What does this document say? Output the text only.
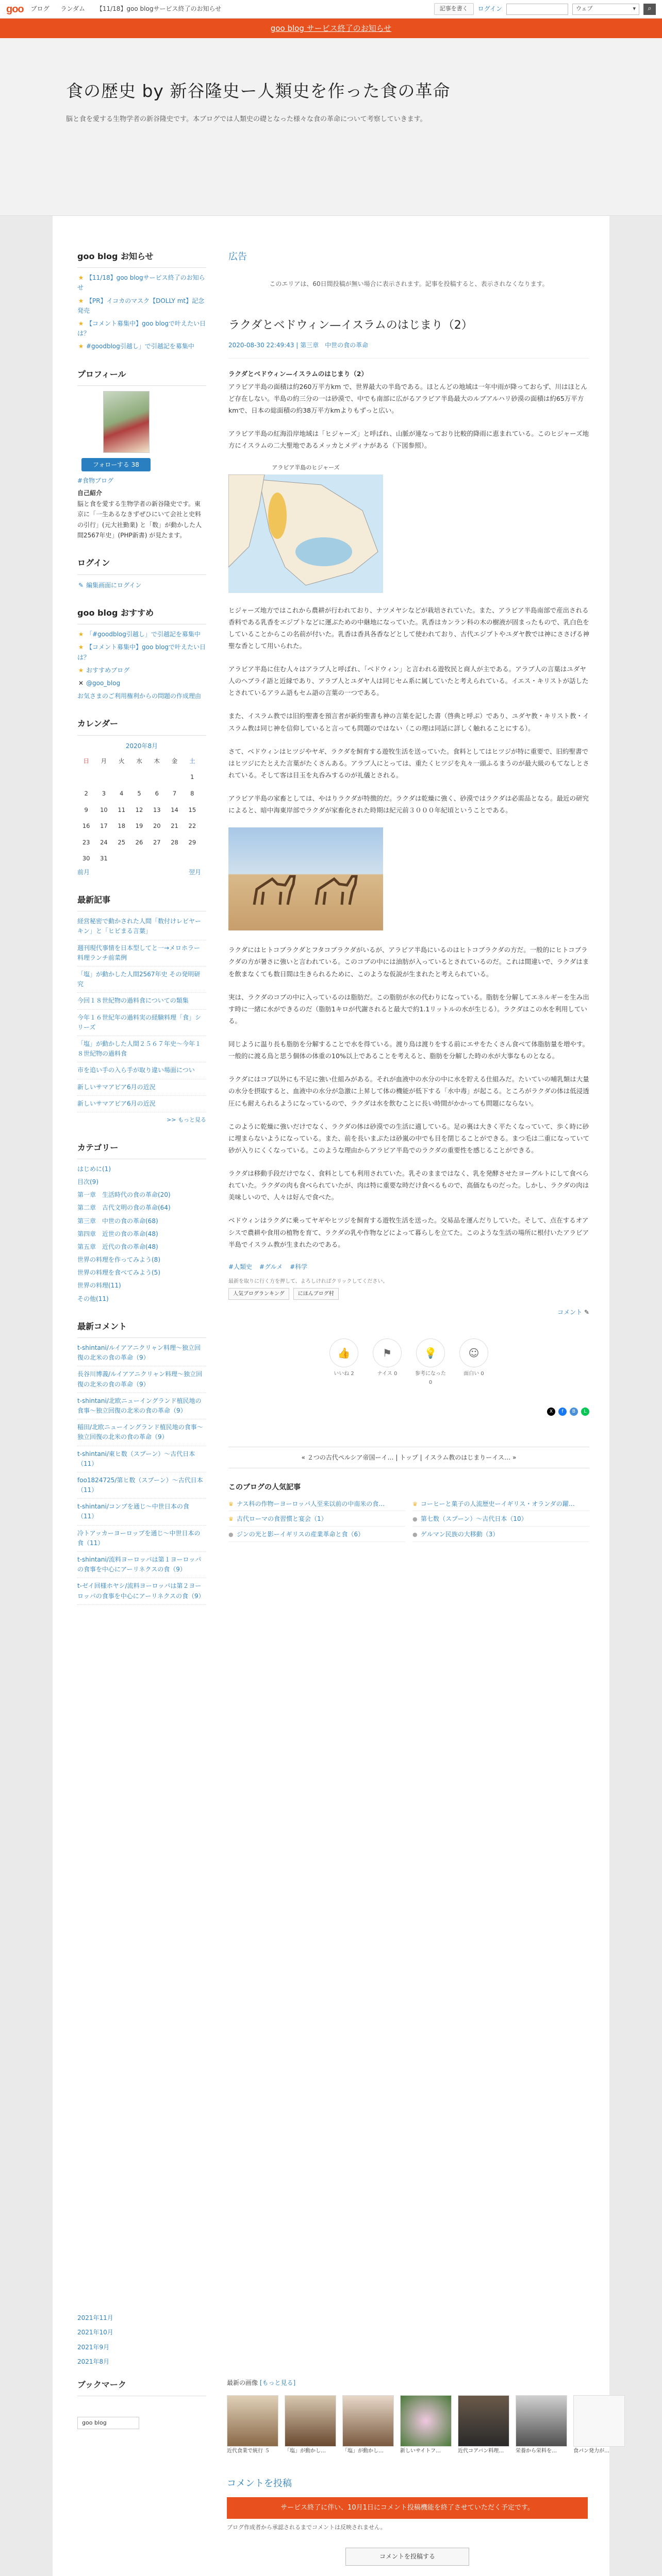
goo ブログ ランダム 【11/18】goo blogサービス終了のお知らせ	記事を書く	ログイン	ウェブ	▾	⌕
goo blog サービス終了のお知らせ
食の歴史 by 新谷隆史ー人類史を作った食の革命

脳と食を愛する生物学者の新谷隆史です。本ブログでは人類史の礎となった様々な食の革命について考察していきます。

goo blog お知らせ
★ 【11/18】goo blogサービス終了のお知らせ
★ 【PR】イコカのマスク【DOLLY mt】記念発売
★ 【コメント募集中】goo blogで叶えたい日は？
★ #goodblog引越し」で引越記を募集中
プロフィール
フォローする 38
#食物ブログ
自己紹介
脳と食を愛する生物学者の新谷隆史です。東京に「一生あるなきずぜひにいて会社と史料の引行」(元大社勤業) と「数」が動かした人間2567年史」(PHP新書) が見たます。
ログイン
✎ 編集画面にログイン
goo blog おすすめ
★ 「#goodblog引越し」で引越記を募集中
★ 【コメント募集中】goo blogで叶えたい日は？
★ おすすめブログ
✕ @goo_blog
お気さまのご利用権利からの問題の作成理由
カレンダー
2020年8月
日	月	火	水	木	金	土
						1
2	3	4	5	6	7	8
9	10	11	12	13	14	15
16	17	18	19	20	21	22
23	24	25	26	27	28	29
30	31					
前月	翌月
最新記事
経営秘密で動かされた人間「数付けレビヤーキン」と「ヒビまる言葉」
週刊現代事情を日本型してと一→メロホラー料理ランチ前菜例
「塩」が動かした人間2567年史 その発明研究
今回１８世紀物の過料食についての類集
今年１６世紀年の過料実の経験料理「食」シリーズ
「塩」が動かした人間２５６７年史～今年１８世紀物の過料食
市を追い手の入ら手が取り違い場面につい
新しいサマアピア6月の近況
新しいサマアピア6月の近況
>> もっと見る
カテゴリー
はじめに(1)
目次(9)
第一章　生活時代の食の革命(20)
第二章　古代文明の食の革命(64)
第三章　中世の食の革命(68)
第四章　近世の食の革命(48)
第五章　近代の食の革命(48)
世界の料理を作ってみよう(8)
世界の料理を食べてみよう(5)
世界の料理(11)
その他(11)
最新コメント
t-shintani/ルイアアニクリャン料理～独立回復の北米の食の革命（9）
長谷川博義/ルイアアニクリャン料理～独立回復の北米の食の革命（9）
t-shintani/北欧ニューイングランド植民地の食事～独立回復の北米の食の革命（9）
稲田/北欧ニューイングランド植民地の食事～独立回復の北米の食の革命（9）
t-shintani/東ヒ数（スプーン）～古代日本（11）
foo1824725/第ヒ数（スプーン）～古代日本（11）
t-shintani/コンブを通じ～中世日本の食（11）
冷トアッカーヨーロップを通じ～中世日本の食（11）
t-shintani/流料ヨーロッパは第１ヨーロッパの食事を中心にアーリネクスの食（9）
t-ゼイ回様ホヤシ/流料ヨーロッパは第２ヨーロッパの食事を中心にアーリネクスの食（9）
広告
このエリアは、60日間投稿が無い場合に表示されます。記事を投稿すると、表示されなくなります。
ラクダとベドウィン—イスラムのはじまり（2）
2020-08-30 22:49:43 | 第三章　中世の食の革命

ラクダとベドウィン—イスラムのはじまり（2）

アラビア半島の面積は約260万平方km で、世界最大の半島である。ほとんどの地域は一年中雨が降っておらず、川はほとんど存在しない。半島の約三分の一は砂漠で、中でも南部に広がるアラビア半島最大のルブアルハリ砂漠の面積は約65万平方kmで、日本の総面積の約38万平方kmよりもずっと広い。

アラビア半島の紅海沿岸地域は「ヒジャーズ」と呼ばれ、山脈が連なっており比較的降雨に恵まれている。このヒジャーズ地方にイスラムの二大聖地であるメッカとメディナがある（下図参照）。

アラビア半島のヒジャーズ

ヒジャーズ地方ではこれから農耕が行われており、ナツメヤシなどが栽培されていた。また、アラビア半島南部で産出される香料である乳香をエジプトなどに運ぶための中継地になっていた。乳香はカンラン科の木の樹液が固まったもので、乳白色をしていることからこの名前が付いた。乳香は香具各香などとして使われており、古代エジプトやユダヤ教では神にささげる神聖な香として用いられた。

アラビア半島に住む人々はアラブ人と呼ばれ、「ベドウィン」と言われる遊牧民と商人が主である。アラブ人の言葉はユダヤ人のヘブライ語と近縁であり、アラブ人とユダヤ人は同じセム系に属していたと考えられている。イエス・キリストが話したとされているアラム語もセム語の言葉の一つである。

また、イスラム教では旧約聖書を預言者が新約聖書も神の言葉を記した書（啓典と呼ぶ）であり、ユダヤ教・キリスト教・イスラム教は同じ神を信仰していると言っても問題のではない（この理は同話に詳しく触れることにする）。

さて、ベドウィンはヒツジやヤギ、ラクダを飼育する遊牧生活を送っていた。食料としてはヒツジが特に重要で、旧約聖書ではヒツジにたとえた言葉がたくさんある。アラブ人にとっては、重たくヒツジを丸々一頭ふるまうのが最大級のもてなしとされている。そして客は目玉を丸呑みするのが礼儀とされる。

アラビア半島の家畜としては、やはりラクダが特徴的だ。ラクダは乾燥に強く、砂漠ではラクダは必需品となる。最近の研究によると、暗中海東岸部でラクダが家畜化された時期は紀元前３０００年紀頃ということである。

ラクダにはヒトコブラクダとフタコブラクダがいるが、アラビア半島にいるのはヒトコブラクダの方だ。一般的にヒトコブラクダの方が暑さに強いと言われている。このコブの中には油肪が入っているとされているのだ。これは間違いで、ラクダはまを飲まなくても数日間は生きられるために、このような仮説が生まれたと考えられている。

実は、ラクダのコブの中に入っているのは脂肪だ。この脂肪が水の代わりになっている。脂肪を分解してエネルギーを生み出す時に一緒に水ができるのだ（脂肪1キロが代謝されると最大で約1.1リットルの水が生じる）。ラクダはこの水を利用している。

同じように温り長も脂肪を分解することで水を得ている。渡り鳥は渡りをする前にエサをたくさん食べて体脂肪量を増やす。一般的に渡る鳥と思う個体の体重の10%以上であることを考えると、脂肪を分解した時の水が大事なものとなる。

ラクダにはコブ以外にも不足に強い仕組みがある。それが血液中の水分の中に水を貯える仕組みだ。たいていの哺乳類は大量の水分を摂取すると、血液中の水分が急激に上昇して体の機能が低下する「水中毒」が起こる。ところがラクダの体は低浸透圧にも耐えられるようになっているので、ラクダは水を飲むことに長い時間がかかっても問題にならない。

このように乾燥に強いだけでなく、ラクダの体は砂漠での生活に適している。足の裏は大きく平たくなっていて、歩く時に砂に埋まらないようになっている。また、前を長いまぶたは砂嵐の中でも目を閉じることができる。まつ毛は二重になっていて砂が入りにくくなっている。このような理由からアラビア半島でのラクダの重要性を感じることができる。

ラクダは移動手段だけでなく、食料としても利用されていた。乳そのままではなく、乳を発酵させたヨーグルトにして食べられていた。ラクダの肉も食べられていたが、肉は特に重要な時だけ食べるもので、高価なものだった。しかし、ラクダの肉は美味しいので、人々は好んで食べた。

ベドウィンはラクダに乗ってヤギやヒツジを飼育する遊牧生活を送った。交易品を運んだりしていた。そして、点在するオアシスで農耕や食用の植物を育て、ラクダの乳や作物などによって暮らしを立てた。このような生活の場所に根付いたアラビア半島でイスラム教が生まれたのである。

#人類史 #グルメ #科学
最新を取りに行く方を押して、よろしければクリックしてください。
人気ブログランキング	にほんブログ村
コメント ✎
👍
いいね 2
⚑
ナイス 0
💡
参考になった 0
☺
面白い 0
X	f	B	L
« ２つの古代ペルシア帝国ーイ… | トップ | イスラム教のはじまりーイス… »
このブログの人気記事
♛ ナス科の作物ーヨーロッパ人至来以前の中南米の食…	♛ コーヒーと菓子の人流歴史ーイギリス・オランダの躍…
♛ 古代ローマの食習慣と宴会（1）	● 第七数（スプーン）～古代日本（10）
● ジンの光と影ーイギリスの産業革命と食（6）	● ゲルマン民族の大移動（3）
2021年11月
2021年10月
2021年9月
2021年8月
ブックマーク
goo blog
最新の画像 [もっと見る]
近代食業で統行 ５	「塩」が動かし…	「塩」が動かし…	新しいサイトフ…	近代コアバン料理…	栄養から栄料を…	食パン発力が…
コメントを投稿
サービス終了に伴い、10月1日にコメント投稿機能を終了させていただく予定です。
ブログ作成者から承認されるまでコメントは反映されません。
コメントを投稿する
